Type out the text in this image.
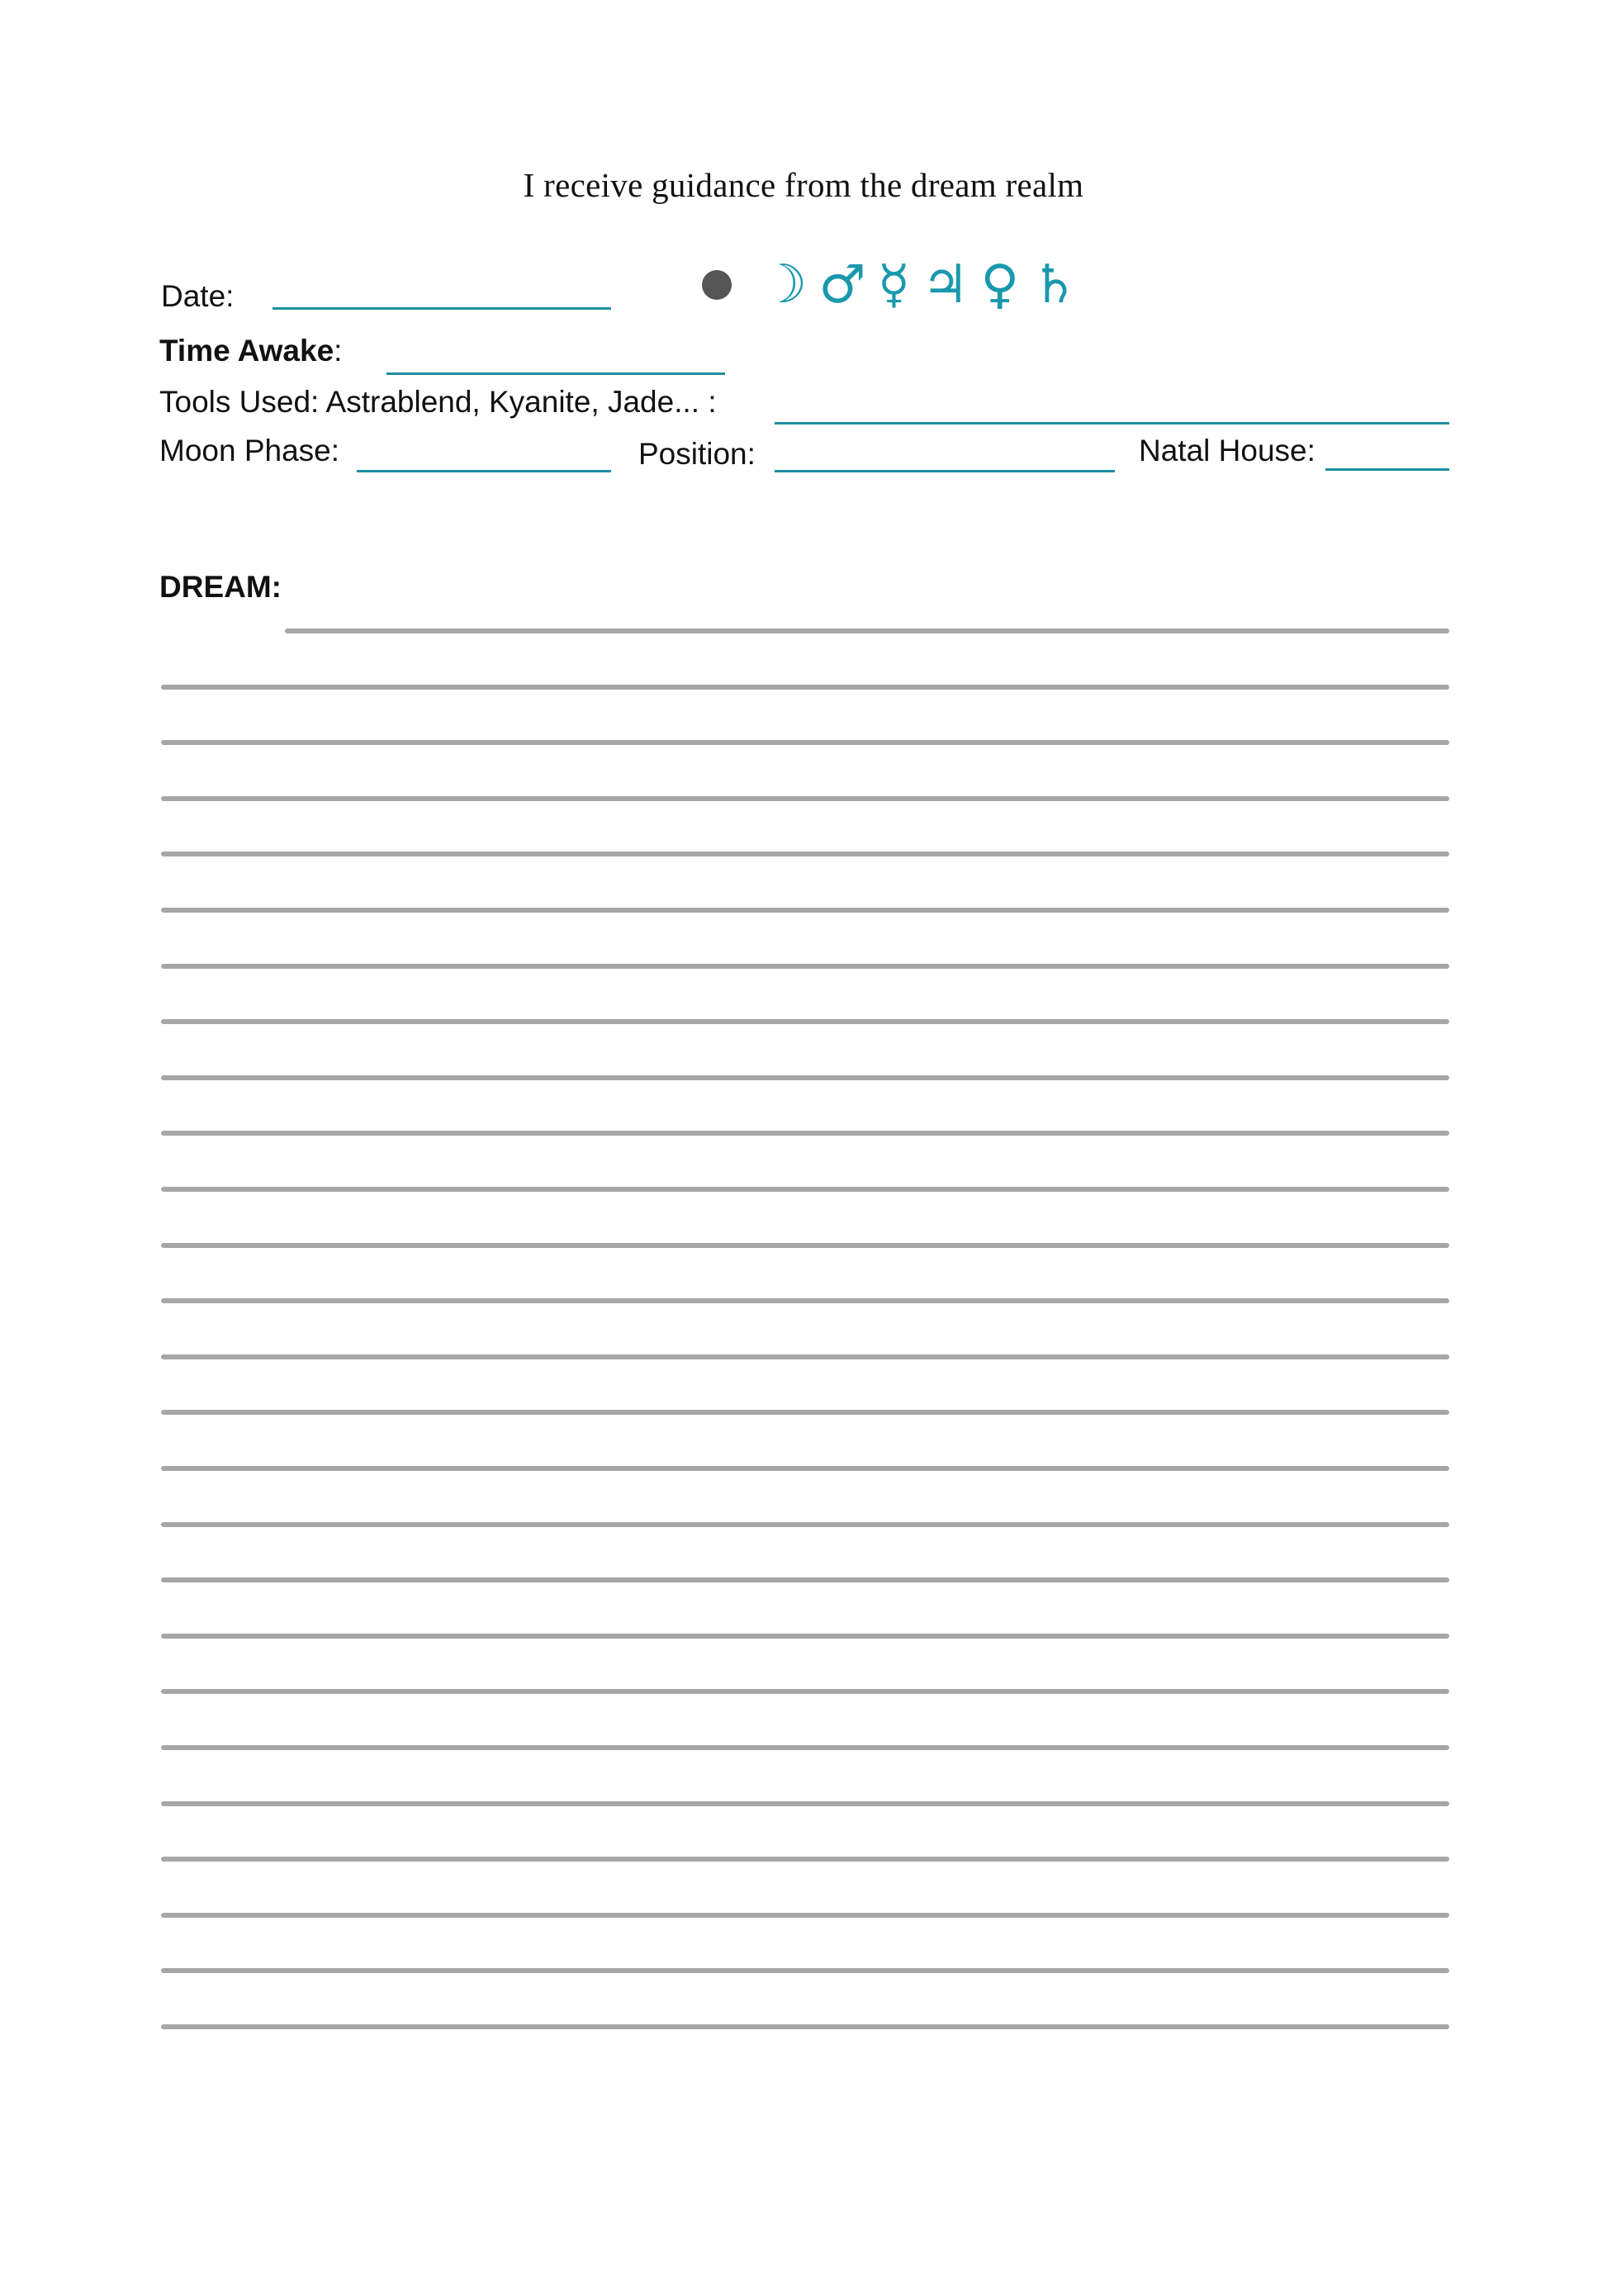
I receive guidance from the dream realm
Date:	☽ ♂ ☿ ♃ ♀ ♄
Time Awake:
Tools Used: Astrablend, Kyanite, Jade... :
Moon Phase:	Position:	Natal House:
DREAM:
